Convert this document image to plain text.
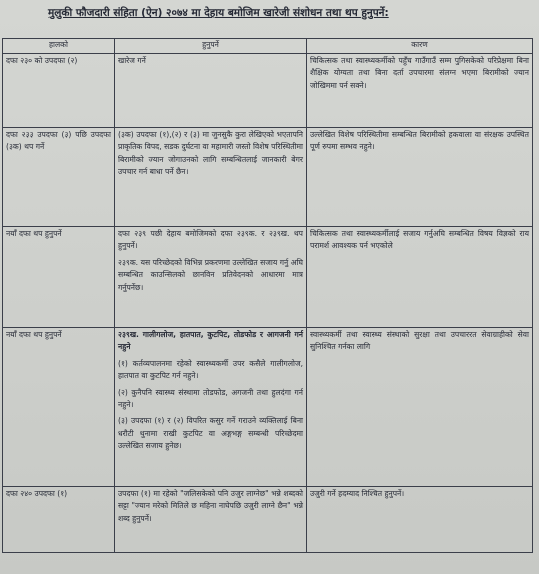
मुलुकी फौजदारी संहिता (ऐन) २०७४ मा देहाय बमोजिम खारेजी संशोधन तथा थप हुनुपर्ने:
हालको	हुनुपर्ने	कारण

दफा २३० को उपदफा (२)	खारेज गर्ने	चिकित्सक तथा स्वास्थ्यकर्मीको पहुँच गाउँगाउँ सम्म पुगिसकेको परिप्रेक्षमा बिना शैक्षिक योग्यता तथा बिना दर्ता उपचारमा संलग्न भएमा बिरामीको ज्यान जोखिममा पर्न सक्ने।

दफा २३३ उपदफा (३) पछि उपदफा (३क) थप गर्ने	(३क) उपदफा (१),(२) र (३) मा जुनसुकै कुरा लेखिएको भएतापनि प्राकृतिक विपद, सडक दुर्घटना वा महामारी जस्तो विशेष परिस्थितीमा बिरामीको ज्यान जोगाउनको लागि सम्बन्धितलाई जानकारी बेगर उपचार गर्न बाधा पर्ने छैन।	उल्लेखित विशेष परिस्थितीमा सम्बन्धित बिरामीको हकवाला वा संरक्षक उपस्थित पूर्ण रुपमा सम्भव नहुने।

नयाँ दफा थप हुनुपर्ने	दफा २३९ पछी देहाय बमोजिमको दफा २३९क. र २३९ख. थप हुनुपर्ने।
२३९क. यस परिच्छेदको विभिन्न प्रकरणमा उल्लेखित सजाय गर्नु अघि सम्बन्धित काउन्सिलको छानविन प्रतिवेदनको आधारमा मात्र गर्नुपर्नेछ।	चिकित्सक तथा स्वास्थ्यकर्मीलाई सजाय गर्नुअघि सम्बन्धित विषय विज्ञको राय परामर्श आवश्यक पर्न भएकोले

नयाँ दफा थप हुनुपर्ने	२३९ख. गालीगलोज, हातपात, कुटपिट, तोडफोड र आगजनी गर्न नहुने
(१) कर्तव्यपालनमा रहेको स्वास्थ्यकर्मी उपर कसैले गालीगलोज, हातपात वा कुटपिट गर्न नहुने।
(२) कुनैपनि स्वास्थ्य संस्थामा तोडफोड, अगजनी तथा हुलदंगा गर्न नहुने।
(३) उपदफा (१) र (२) विपरित कसुर गर्ने गराउने व्यक्तिलाई बिना धरौटी थुनामा राखी कुटपिट वा अङ्गभङ्ग सम्बन्धी परिच्छेदमा उल्लेखित सजाय हुनेछ।	स्वास्थ्यकर्मी तथा स्वास्थ्य संस्थाको सुरक्षा तथा उपचाररत सेवाग्राहीको सेवा सुनिश्चित गर्नका लागि

दफा २४० उपदफा (१)	उपदफा (१) मा रहेको "जलिसकेको पनि उजुर लाग्नेछ" भन्ने शब्दको सट्टा "ज्यान मरेको मितिले छ महिना नाघेपछि उजुरी लाग्ने छैन" भन्ने शब्द हुनुपर्ने।	उजुरी गर्ने हदम्याद निश्चित हुनुपर्ने।
